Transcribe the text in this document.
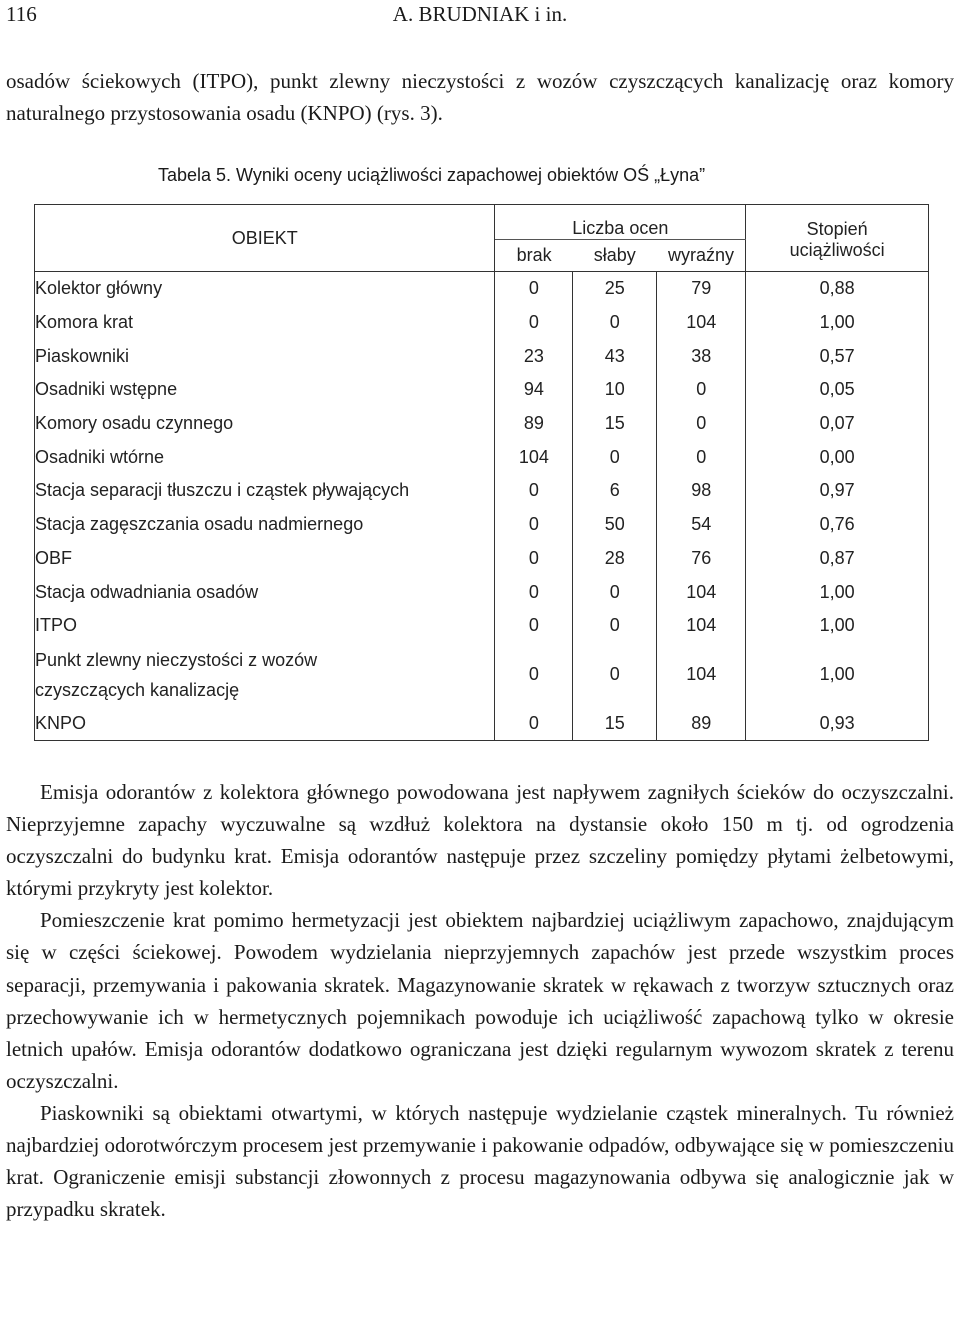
116	A. BRUDNIAK i in.

osadów ściekowych (ITPO), punkt zlewny nieczystości z wozów czyszczących kanalizację oraz komory naturalnego przystosowania osadu (KNPO) (rys. 3).

Tabela 5. Wyniki oceny uciążliwości zapachowej obiektów OŚ „Łyna”
OBIEKT	Liczba ocen			Stopień
	brak	słaby	wyraźny	uciążliwości
Kolektor główny	0	25	79	0,88
Komora krat	0	0	104	1,00
Piaskowniki	23	43	38	0,57
Osadniki wstępne	94	10	0	0,05
Komory osadu czynnego	89	15	0	0,07
Osadniki wtórne	104	0	0	0,00
Stacja separacji tłuszczu i cząstek pływających	0	6	98	0,97
Stacja zagęszczania osadu nadmiernego	0	50	54	0,76
OBF	0	28	76	0,87
Stacja odwadniania osadów	0	0	104	1,00
ITPO	0	0	104	1,00
Punkt zlewny nieczystości z wozów czyszczących kanalizację	0	0	104	1,00
KNPO	0	15	89	0,93

Emisja odorantów z kolektora głównego powodowana jest napływem zagniłych ścieków do oczyszczalni. Nieprzyjemne zapachy wyczuwalne są wzdłuż kolektora na dystansie około 150 m tj. od ogrodzenia oczyszczalni do budynku krat. Emisja odorantów następuje przez szczeliny pomiędzy płytami żelbetowymi, którymi przykryty jest kolektor.

Pomieszczenie krat pomimo hermetyzacji jest obiektem najbardziej uciążliwym zapachowo, znajdującym się w części ściekowej. Powodem wydzielania nieprzyjemnych zapachów jest przede wszystkim proces separacji, przemywania i pakowania skratek. Magazynowanie skratek w rękawach z tworzyw sztucznych oraz przechowywanie ich w hermetycznych pojemnikach powoduje ich uciążliwość zapachową tylko w okresie letnich upałów. Emisja odorantów dodatkowo ograniczana jest dzięki regularnym wywozom skratek z terenu oczyszczalni.

Piaskowniki są obiektami otwartymi, w których następuje wydzielanie cząstek mineralnych. Tu również najbardziej odorotwórczym procesem jest przemywanie i pakowanie odpadów, odbywające się w pomieszczeniu krat. Ograniczenie emisji substancji złowonnych z procesu magazynowania odbywa się analogicznie jak w przypadku skratek.
